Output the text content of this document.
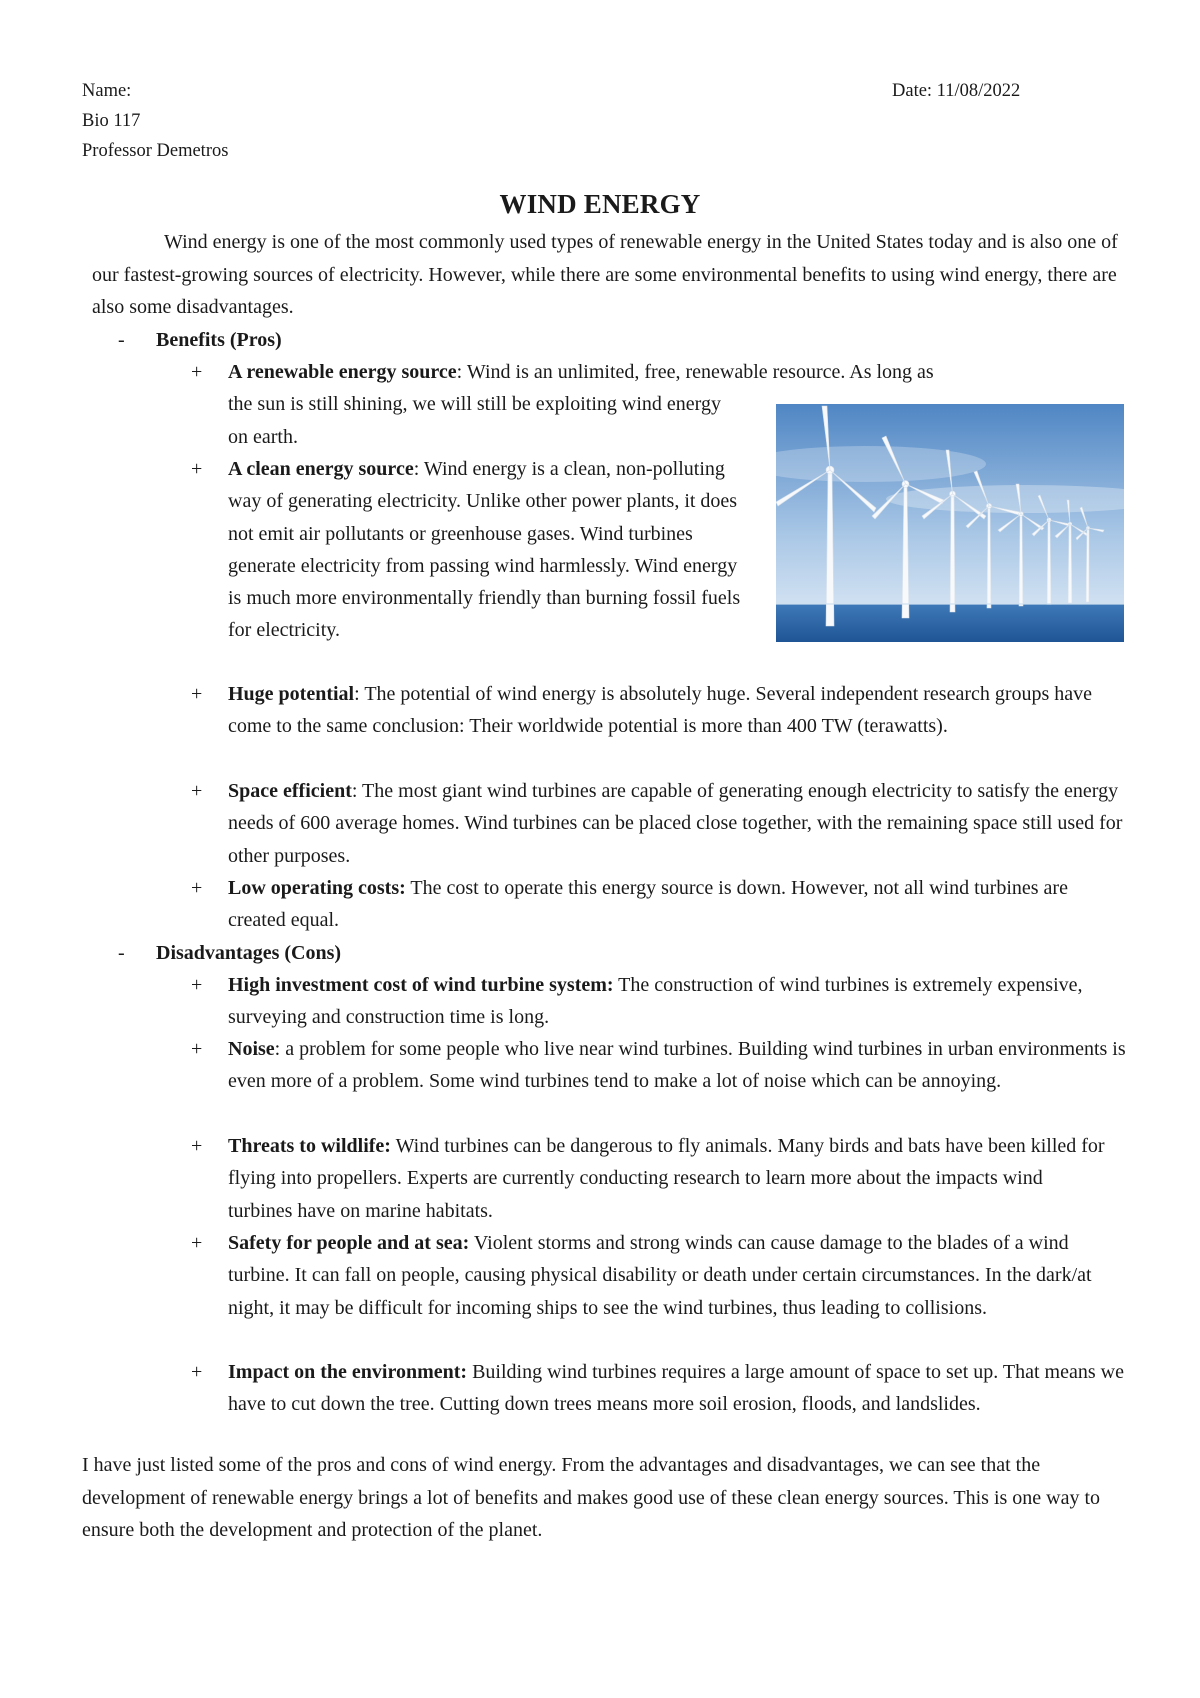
Name:
Bio 117
Professor Demetros
Date: 11/08/2022
WIND ENERGY
Wind energy is one of the most commonly used types of renewable energy in the United States today and is also one of our fastest-growing sources of electricity. However, while there are some environmental benefits to using wind energy, there are also some disadvantages.
- Benefits (Pros)
+ A renewable energy source: Wind is an unlimited, free, renewable resource. As long as
the sun is still shining, we will still be exploiting wind energy on earth.
+ A clean energy source: Wind energy is a clean, non-polluting way of generating electricity. Unlike other power plants, it does not emit air pollutants or greenhouse gases. Wind turbines generate electricity from passing wind harmlessly. Wind energy is much more environmentally friendly than burning fossil fuels for electricity.
+ Huge potential: The potential of wind energy is absolutely huge. Several independent research groups have come to the same conclusion: Their worldwide potential is more than 400 TW (terawatts).
+ Space efficient: The most giant wind turbines are capable of generating enough electricity to satisfy the energy needs of 600 average homes. Wind turbines can be placed close together, with the remaining space still used for other purposes.
+ Low operating costs: The cost to operate this energy source is down. However, not all wind turbines are created equal.
- Disadvantages (Cons)
+ High investment cost of wind turbine system: The construction of wind turbines is extremely expensive, surveying and construction time is long.
+ Noise: a problem for some people who live near wind turbines. Building wind turbines in urban environments is even more of a problem. Some wind turbines tend to make a lot of noise which can be annoying.
+ Threats to wildlife: Wind turbines can be dangerous to fly animals. Many birds and bats have been killed for flying into propellers. Experts are currently conducting research to learn more about the impacts wind turbines have on marine habitats.
+ Safety for people and at sea: Violent storms and strong winds can cause damage to the blades of a wind turbine. It can fall on people, causing physical disability or death under certain circumstances. In the dark/at night, it may be difficult for incoming ships to see the wind turbines, thus leading to collisions.
+ Impact on the environment: Building wind turbines requires a large amount of space to set up. That means we have to cut down the tree. Cutting down trees means more soil erosion, floods, and landslides.
I have just listed some of the pros and cons of wind energy. From the advantages and disadvantages, we can see that the development of renewable energy brings a lot of benefits and makes good use of these clean energy sources. This is one way to ensure both the development and protection of the planet.
